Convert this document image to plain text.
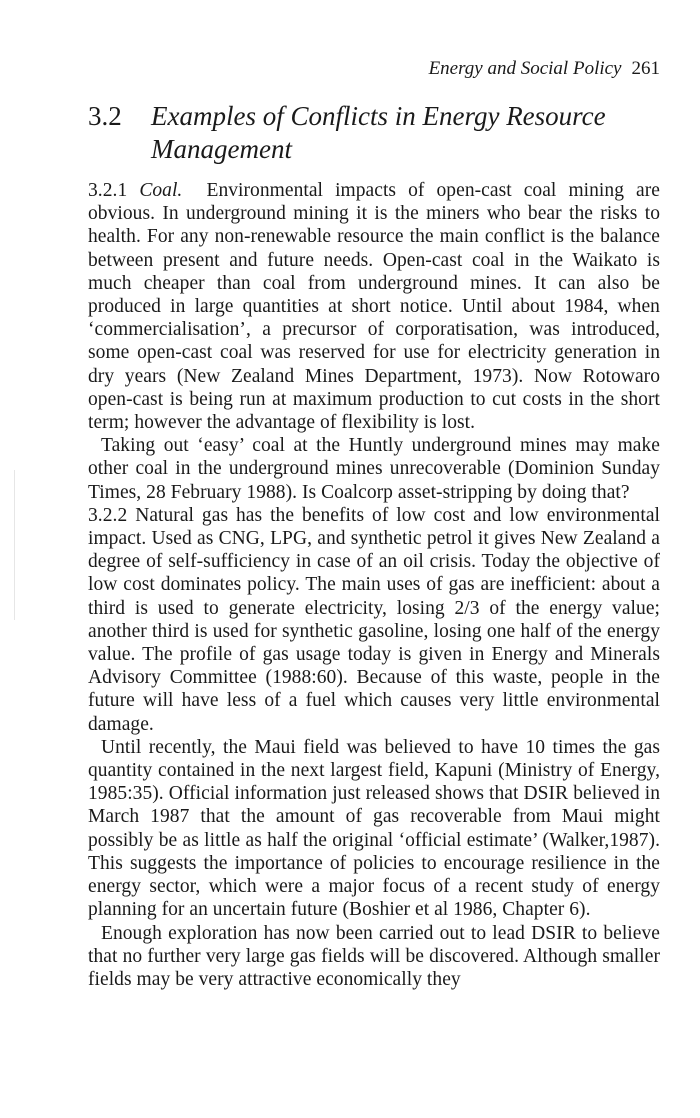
Energy and Social Policy 261
3.2 Examples of Conflicts in Energy Resource Management

3.2.1 Coal. Environmental impacts of open-cast coal mining are obvious. In underground mining it is the miners who bear the risks to health. For any non-renewable resource the main conflict is the balance between present and future needs. Open-cast coal in the Waikato is much cheaper than coal from underground mines. It can also be produced in large quantities at short notice. Until about 1984, when ‘commercialisation’, a precursor of corporatisation, was introduced, some open-cast coal was reserved for use for electricity generation in dry years (New Zealand Mines Department, 1973). Now Rotowaro open-cast is being run at maximum production to cut costs in the short term; however the advantage of flexibility is lost.

Taking out ‘easy’ coal at the Huntly underground mines may make other coal in the underground mines unrecoverable (Dominion Sunday Times, 28 February 1988). Is Coalcorp asset-stripping by doing that?

3.2.2 Natural gas has the benefits of low cost and low environmental impact. Used as CNG, LPG, and synthetic petrol it gives New Zealand a degree of self-sufficiency in case of an oil crisis. Today the objective of low cost dominates policy. The main uses of gas are inefficient: about a third is used to generate electricity, losing 2/3 of the energy value; another third is used for synthetic gasoline, losing one half of the energy value. The profile of gas usage today is given in Energy and Minerals Advisory Committee (1988:60). Because of this waste, people in the future will have less of a fuel which causes very little environmental damage.

Until recently, the Maui field was believed to have 10 times the gas quantity contained in the next largest field, Kapuni (Ministry of Energy, 1985:35). Official information just released shows that DSIR believed in March 1987 that the amount of gas recoverable from Maui might possibly be as little as half the original ‘official estimate’ (Walker,1987). This suggests the importance of policies to encourage resilience in the energy sector, which were a major focus of a recent study of energy planning for an uncertain future (Boshier et al 1986, Chapter 6).

Enough exploration has now been carried out to lead DSIR to believe that no further very large gas fields will be discovered. Although smaller fields may be very attractive economically they
